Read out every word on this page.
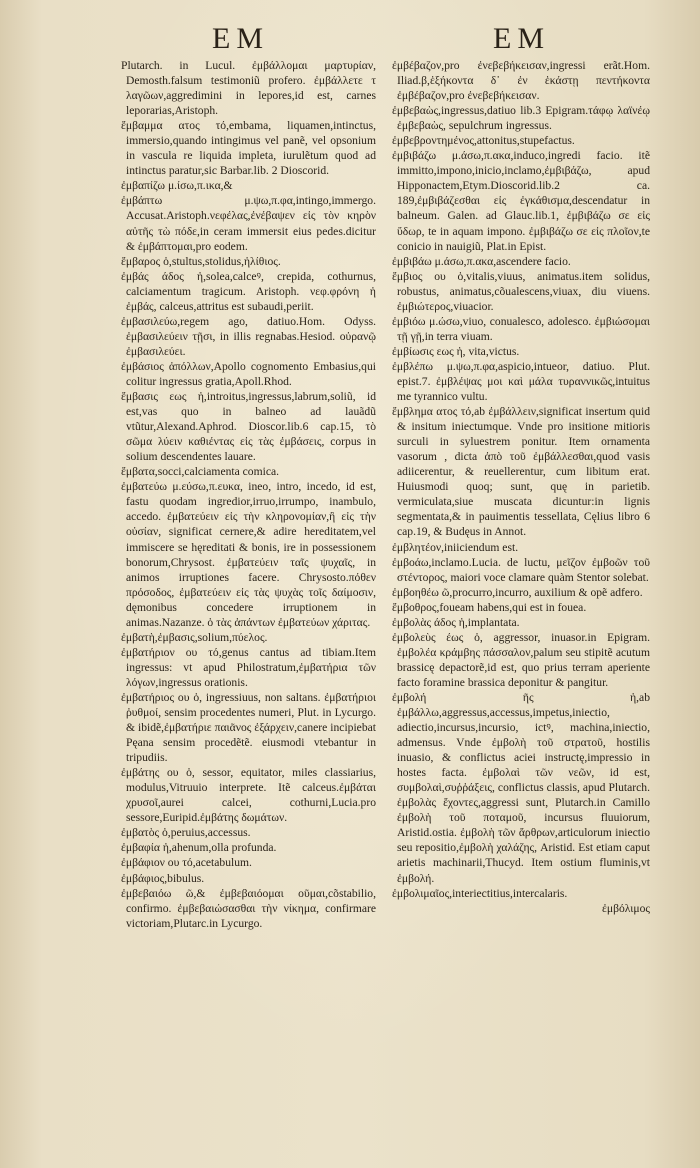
EM	EM

Plutarch. in Lucul. ἐμβάλλομαι μαρτυρίαν, Demosth.falsum testimoniũ profero. ἐμβάλλετε τ λαγῶων,aggredimini in lepores,id est, carnes leporarias,Aristoph.

ἔμβαμμα ατος τό,embama, liquamen,intinctus, immersio,quando intingimus vel panẽ, vel opsonium in vascula re liquida impleta, iurulẽtum quod ad intinctus paratur,sic Barbar.lib. 2 Dioscorid.

ἐμβαπίζω μ.ίσω,π.ικα,&

ἐμβάπτω μ.ψω,π.φα,intingo,immergo. Accusat.Aristoph.νεφέλας,ἐνέβαψεν εἰς τὸν κηρὸν αὐτῆς τὼ πόδε,in ceram immersit eius pedes.dicitur & ἐμβάπτομαι,pro eodem.

ἔμβαρος ὁ,stultus,stolidus,ἠλίθιος.

ἐμβάς άδος ἡ,solea,calceꝰ, crepida, cothurnus, calciamentum tragicum. Aristoph. νεφ.φρόνη ἡ ἐμβάς, calceus,attritus est subaudi,periit.

ἐμβασιλεύω,regem ago, datiuo.Hom. Odyss. ἐμβασιλεύειν τῇσι, in illis regnabas.Hesiod. οὐρανῷ ἐμβασιλεύει.

ἐμβάσιος ἀπόλλων,Apollo cognomento Embasius,qui colitur ingressus gratia,Apoll.Rhod.

ἔμβασις εως ἡ,introitus,ingressus,labrum,soliũ, id est,vas quo in balneo ad lauãdũ vtũtur,Alexand.Aphrod. Dioscor.lib.6 cap.15, τὸ σῶμα λύειν καθιέντας εἰς τὰς ἐμβάσεις, corpus in solium descendentes lauare.

ἔμβατα,socci,calciamenta comica.

ἐμβατεύω μ.εύσω,π.ευκα, ineo, intro, incedo, id est, fastu quodam ingredior,irruo,irrumpo, inambulo, accedo. ἐμβατεύειν εἰς τὴν κληρονομίαν,ἢ εἰς τὴν οὐσίαν, significat cernere,& adire hereditatem,vel immiscere se hęreditati & bonis, ire in possessionem bonorum,Chrysost. ἐμβατεύειν ταῖς ψυχαῖς, in animos irruptiones facere. Chrysosto.πόθεν πρόσοδος, ἐμβατεύειν εἰς τὰς ψυχὰς τοῖς δαίμοσιν, dęmonibus concedere irruptionem in animas.Nazanze. ὁ τὰς ἁπάντων ἐμβατεύων χάριτας.

ἐμβατὴ,ἐμβασις,solium,πύελος.

ἐμβατήριον ου τό,genus cantus ad tibiam.Item ingressus: vt apud Philostratum,ἐμβατήρια τῶν λόγων,ingressus orationis.

ἐμβατήριος ου ὁ, ingressiuus, non saltans. ἐμβατήριοι ῥυθμοί, sensim procedentes numeri, Plut. in Lycurgo. & ibidẽ,ἐμβατήριε παιᾶνος ἐξάρχειν,canere incipiebat Pęana sensim procedẽtẽ. eiusmodi vtebantur in tripudiis.

ἐμβάτης ου ὁ, sessor, equitator, miles classiarius, modulus,Vitruuio interprete. Itẽ calceus.ἐμβάται χρυσοῖ,aurei calcei, cothurni,Lucia.pro sessore,Euripid.ἐμβάτης δωμάτων.

ἐμβατὸς ὁ,peruius,accessus.

ἐμβαφία ἡ,ahenum,olla profunda.

ἐμβάφιον ου τό,acetabulum.

ἐμβάφιος,bibulus.

ἐμβεβαιόω ῶ,& ἐμβεβαιόομαι οῦμαι,cõstabilio, confirmo. ἐμβεβαιώσασθαι τὴν νίκημα, confirmare victoriam,Plutarc.in Lycurgo.

ἐμβέβαζον,pro ἐνεβεβήκεισαν,ingressi erãt.Hom. Iliad.β,ἑξήκοντα δ᾽ ἐν ἑκάστῃ πεντήκοντα ἐμβέβαζον,pro ἐνεβεβήκεισαν.

ἐμβεβαὼς,ingressus,datiuo lib.3 Epigram.τάφῳ λαϊνέῳ ἐμβεβαὼς, sepulchrum ingressus.

ἐμβεβροντημένος,attonitus,stupefactus.

ἐμβιβάζω μ.άσω,π.ακα,induco,ingredi facio. itẽ immitto,impono,inicio,inclamo,ἐμβιβάζω, apud Hipponactem,Etym.Dioscorid.lib.2 ca. 189,ἐμβιβάζεσθαι εἰς ἐγκάθισμα,descendatur in balneum. Galen. ad Glauc.lib.1, ἐμβιβάζω σε εἰς ὕδωρ, te in aquam impono. ἐμβιβάζω σε εἰς πλοῖον,te conicio in nauigiũ, Plat.in Epist.

ἐμβιβάω μ.άσω,π.ακα,ascendere facio.

ἔμβιος ου ὁ,vitalis,viuus, animatus.item solidus, robustus, animatus,cõualescens,viuax, diu viuens. ἐμβιώτερος,viuacior.

ἐμβιόω μ.ώσω,viuo, conualesco, adolesco. ἐμβιώσομαι τῇ γῇ,in terra viuam.

ἐμβίωσις εως ἡ, vita,victus.

ἐμβλέπω μ.ψω,π.φα,aspicio,intueor, datiuo. Plut. epist.7. ἐμβλέψας μοι καὶ μάλα τυραννικῶς,intuitus me tyrannico vultu.

ἔμβλημα ατος τό,ab ἐμβάλλειν,significat insertum quid & insitum iniectumque. Vnde pro insitione mitioris surculi in syluestrem ponitur. Item ornamenta vasorum , dicta ἀπὸ τοῦ ἐμβάλλεσθαι,quod vasis adiicerentur, & reuellerentur, cum libitum erat. Huiusmodi quoq; sunt, quę in parietib. vermiculata,siue muscata dicuntur:in lignis segmentata,& in pauimentis tessellata, Cęlius libro 6 cap.19, & Budęus in Annot.

ἐμβλητέον,iniiciendum est.

ἐμβοάω,inclamo.Lucia. de luctu, μεῖζον ἐμβοῶν τοῦ στέντορος, maiori voce clamare quàm Stentor solebat.

ἐμβοηθέω ῶ,procurro,incurro, auxilium & opẽ adfero.

ἔμβοθρος,foueam habens,qui est in fouea.

ἐμβολὰς άδος ἡ,implantata.

ἐμβολεὺς έως ὁ, aggressor, inuasor.in Epigram. ἐμβολέα κράμβης πάσσαλον,palum seu stipitẽ acutum brassicę depactorẽ,id est, quo prius terram aperiente facto foramine brassica deponitur & pangitur.

ἐμβολή ῆς ἡ,ab ἐμβάλλω,aggressus,accessus,impetus,iniectio, adiectio,incursus,incursio, ictꝰ, machina,iniectio, admensus. Vnde ἐμβολὴ τοῦ στρατοῦ, hostilis inuasio, & conflictus aciei instructę,impressio in hostes facta. ἐμβολαὶ τῶν νεῶν, id est, συμβολαὶ,συῤῥάξεις, conflictus classis, apud Plutarch. ἐμβολὰς ἔχοντες,aggressi sunt, Plutarch.in Camillo ἐμβολὴ τοῦ ποταμοῦ, incursus fluuiorum, Aristid.ostia. ἐμβολὴ τῶν ἄρθρων,articulorum iniectio seu repositio,ἐμβολὴ χαλάζης, Aristid. Est etiam caput arietis machinarii,Thucyd. Item ostium fluminis,vt ἐμβολή.

ἐμβολιμαῖος,interiectitius,intercalaris.

ἐμβόλιμος
